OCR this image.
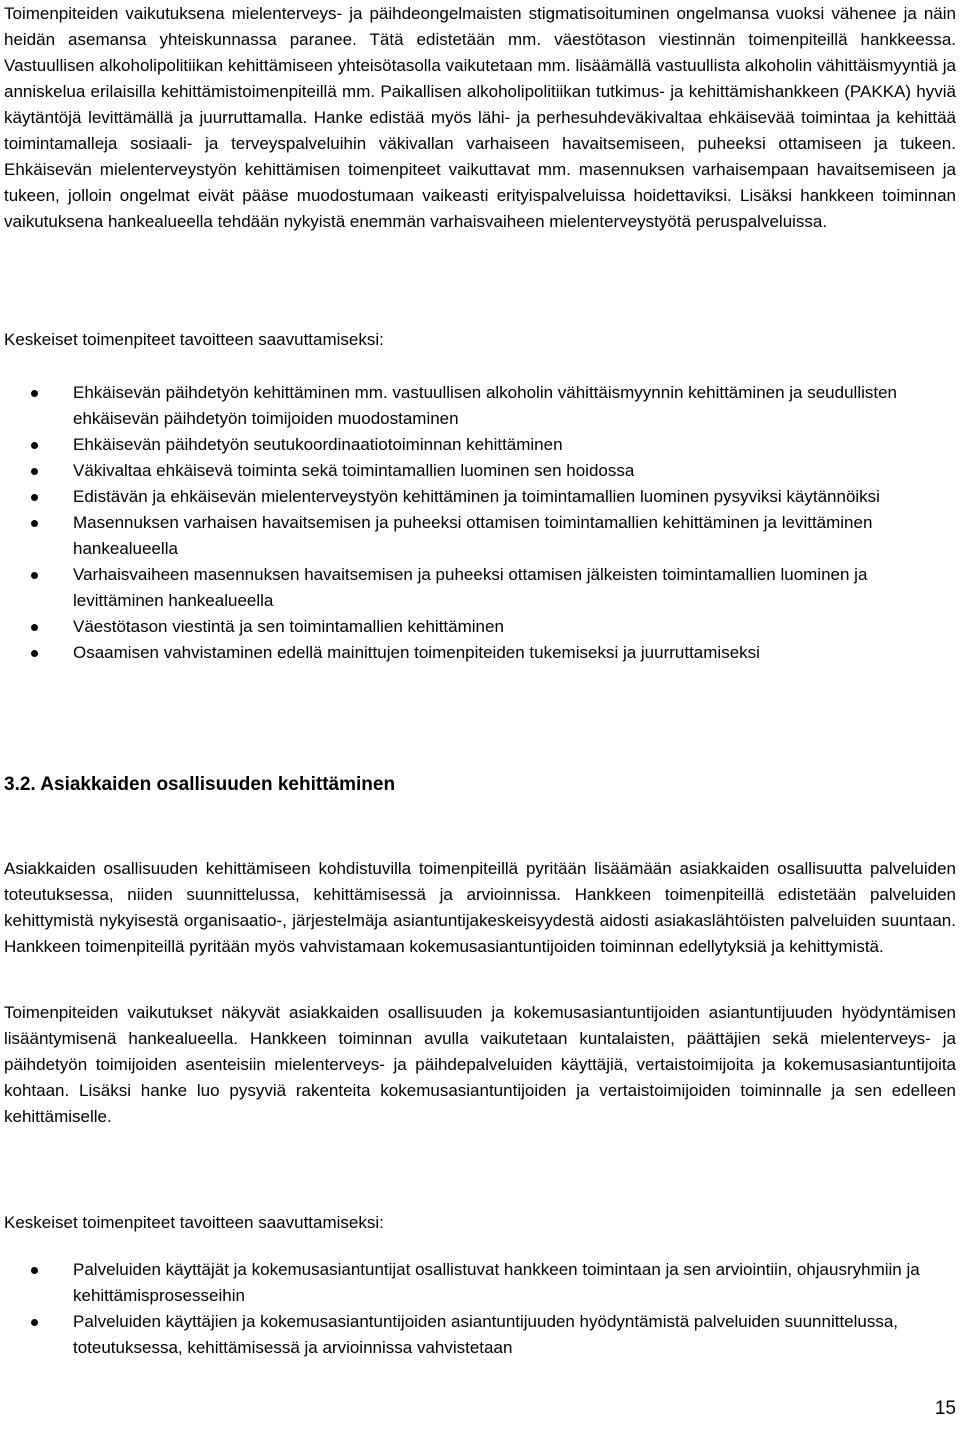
Toimenpiteiden vaikutuksena mielenterveys- ja päihdeongelmaisten stigmatisoituminen ongelmansa vuoksi vähenee ja näin heidän asemansa yhteiskunnassa paranee. Tätä edistetään mm. väestötason viestinnän toimenpiteillä hankkeessa. Vastuullisen alkoholipolitiikan kehittämiseen yhteisötasolla vaikutetaan mm. lisäämällä vastuullista alkoholin vähittäismyyntiä ja anniskelua erilaisilla kehittämistoimenpiteillä mm. Paikallisen alkoholipolitiikan tutkimus- ja kehittämishankkeen (PAKKA) hyviä käytäntöjä levittämällä ja juurruttamalla. Hanke edistää myös lähi- ja perhesuhdeväkivaltaa ehkäisevää toimintaa ja kehittää toimintamalleja sosiaali- ja terveyspalveluihin väkivallan varhaiseen havaitsemiseen, puheeksi ottamiseen ja tukeen. Ehkäisevän mielenterveystyön kehittämisen toimenpiteet vaikuttavat mm. masennuksen varhaisempaan havaitsemiseen ja tukeen, jolloin ongelmat eivät pääse muodostumaan vaikeasti erityispalveluissa hoidettaviksi. Lisäksi hankkeen toiminnan vaikutuksena hankealueella tehdään nykyistä enemmän varhaisvaiheen mielenterveystyötä peruspalveluissa.

Keskeiset toimenpiteet tavoitteen saavuttamiseksi:

Ehkäisevän päihdetyön kehittäminen mm. vastuullisen alkoholin vähittäismyynnin kehittäminen ja seudullisten ehkäisevän päihdetyön toimijoiden muodostaminen
Ehkäisevän päihdetyön seutukoordinaatiotoiminnan kehittäminen
Väkivaltaa ehkäisevä toiminta sekä toimintamallien luominen sen hoidossa
Edistävän ja ehkäisevän mielenterveystyön kehittäminen ja toimintamallien luominen pysyviksi käytännöiksi
Masennuksen varhaisen havaitsemisen ja puheeksi ottamisen toimintamallien kehittäminen ja levittäminen hankealueella
Varhaisvaiheen masennuksen havaitsemisen ja puheeksi ottamisen jälkeisten toimintamallien luominen ja levittäminen hankealueella
Väestötason viestintä ja sen toimintamallien kehittäminen
Osaamisen vahvistaminen edellä mainittujen toimenpiteiden tukemiseksi ja juurruttamiseksi
3.2. Asiakkaiden osallisuuden kehittäminen

Asiakkaiden osallisuuden kehittämiseen kohdistuvilla toimenpiteillä pyritään lisäämään asiakkaiden osallisuutta palveluiden toteutuksessa, niiden suunnittelussa, kehittämisessä ja arvioinnissa. Hankkeen toimenpiteillä edistetään palveluiden kehittymistä nykyisestä organisaatio-, järjestelmäja asiantuntijakeskeisyydestä aidosti asiakaslähtöisten palveluiden suuntaan. Hankkeen toimenpiteillä pyritään myös vahvistamaan kokemusasiantuntijoiden toiminnan edellytyksiä ja kehittymistä.

Toimenpiteiden vaikutukset näkyvät asiakkaiden osallisuuden ja kokemusasiantuntijoiden asiantuntijuuden hyödyntämisen lisääntymisenä hankealueella. Hankkeen toiminnan avulla vaikutetaan kuntalaisten, päättäjien sekä mielenterveys- ja päihdetyön toimijoiden asenteisiin mielenterveys- ja päihdepalveluiden käyttäjiä, vertaistoimijoita ja kokemusasiantuntijoita kohtaan. Lisäksi hanke luo pysyviä rakenteita kokemusasiantuntijoiden ja vertaistoimijoiden toiminnalle ja sen edelleen kehittämiselle.

Keskeiset toimenpiteet tavoitteen saavuttamiseksi:

Palveluiden käyttäjät ja kokemusasiantuntijat osallistuvat hankkeen toimintaan ja sen arviointiin, ohjausryhmiin ja kehittämisprosesseihin
Palveluiden käyttäjien ja kokemusasiantuntijoiden asiantuntijuuden hyödyntämistä palveluiden suunnittelussa, toteutuksessa, kehittämisessä ja arvioinnissa vahvistetaan

15
